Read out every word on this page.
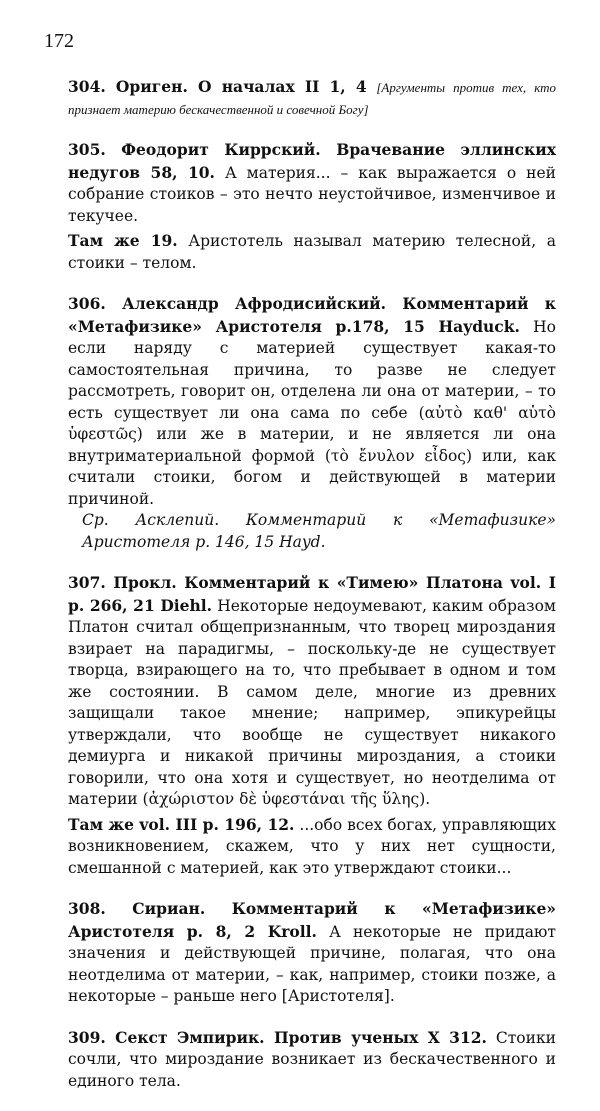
172

304. Ориген. О началах II 1, 4 [Аргументы против тех, кто признает материю бескачественной и совечной Богу]

305. Феодорит Киррский. Врачевание эллинских недугов 58, 10. А материя... – как выражается о ней собрание стоиков – это нечто неустойчивое, изменчивое и текучее.

Там же 19. Аристотель называл материю телесной, а стоики – телом.

306. Александр Афродисийский. Комментарий к «Метафизике» Аристотеля p.178, 15 Hayduck. Но если наряду с материей существует какая-то самостоятельная причина, то разве не следует рассмотреть, говорит он, отделена ли она от материи, – то есть существует ли она сама по себе (αὐτὸ καθ' αὑτὸ ὑφεστῶς) или же в материи, и не является ли она внутриматериальной формой (τὸ ἔνυλον εἶδος) или, как считали стоики, богом и действующей в материи причиной.

Ср. Асклепий. Комментарий к «Метафизике» Аристотеля p. 146, 15 Hayd.

307. Прокл. Комментарий к «Тимею» Платона vol. I p. 266, 21 Diehl. Некоторые недоумевают, каким образом Платон считал общепризнанным, что творец мироздания взирает на парадигмы, – поскольку-де не существует творца, взирающего на то, что пребывает в одном и том же состоянии. В самом деле, многие из древних защищали такое мнение; например, эпикурейцы утверждали, что вообще не существует никакого демиурга и никакой причины мироздания, а стоики говорили, что она хотя и существует, но неотделима от материи (ἀχώριστον δὲ ὑφεστάναι τῆς ὕλης).

Там же vol. III p. 196, 12. ...обо всех богах, управляющих возникновением, скажем, что у них нет сущности, смешанной с материей, как это утверждают стоики...

308. Сириан. Комментарий к «Метафизике» Аристотеля p. 8, 2 Kroll. А некоторые не придают значения и действующей причине, полагая, что она неотделима от материи, – как, например, стоики позже, а некоторые – раньше него [Аристотеля].

309. Секст Эмпирик. Против ученых X 312. Стоики сочли, что мироздание возникает из бескачественного и единого тела.
